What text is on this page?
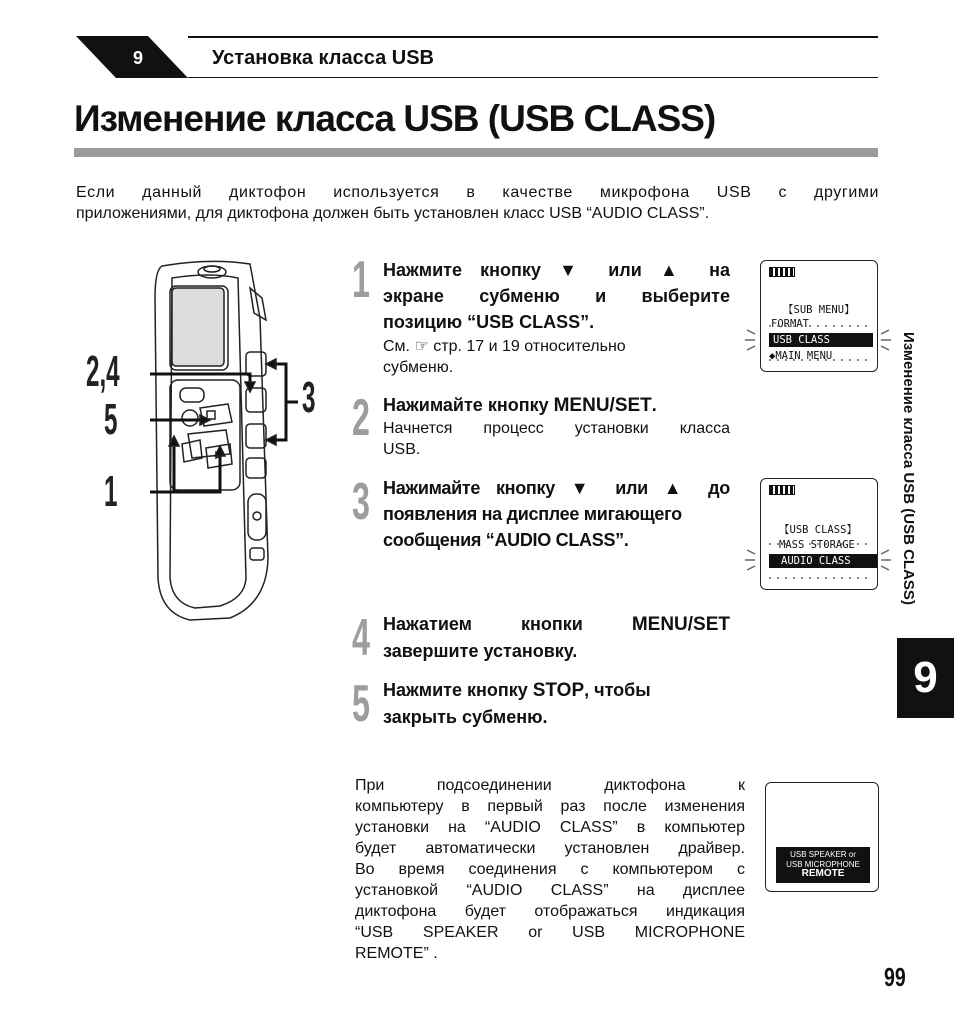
9	Установка класса USB
Изменение класса USB (USB CLASS)
Если данный диктофон используется в качестве микрофона USB с другими
приложениями, для диктофона должен быть установлен класс USB “AUDIO CLASS”.
2,4
5
1
3
1 Нажмите кнопку ▼ или ▲ на
экране субменю и выберите
позицию “USB CLASS”.
См. ☞ стр. 17 и 19 относительно
субменю.
2 Нажимайте кнопку MENU/SET.
Начнется процесс установки класса
USB.
3 Нажимайте кнопку ▼ или ▲ до
появления на дисплее мигающего
сообщения “AUDIO CLASS”.
4 Нажатием кнопки MENU/SET
завершите установку.
5 Нажмите кнопку STOP, чтобы
закрыть субменю.
【SUB MENU】
FORMAT
USB CLASS
◆MAIN MENU
【USB CLASS】
MASS STORAGE
AUDIO CLASS	Изменение класса USB (USB CLASS)
9
При подсоединении диктофона к
компьютеру в первый раз после изменения
установки на “AUDIO CLASS” в компьютер
будет автоматически установлен драйвер.
Во время соединения с компьютером с
установкой “AUDIO CLASS” на дисплее
диктофона будет отображаться индикация
“USB SPEAKER or USB MICROPHONE
REMOTE” .
USB SPEAKER or
USB MICROPHONE
REMOTE
99
